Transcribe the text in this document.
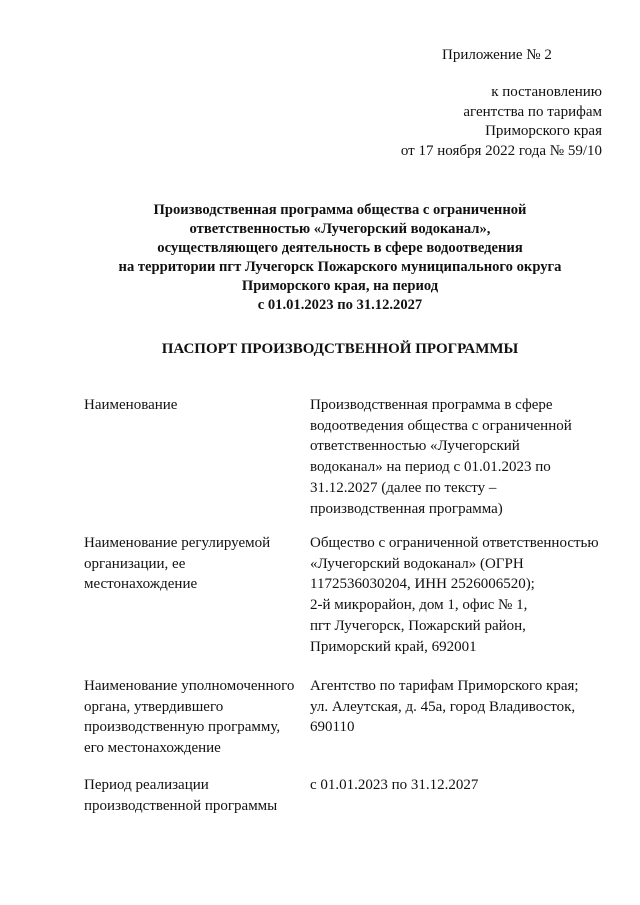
Приложение № 2
к постановлению
агентства по тарифам
Приморского края
от 17 ноября 2022 года № 59/10
Производственная программа общества с ограниченной
ответственностью «Лучегорский водоканал»,
осуществляющего деятельность в сфере водоотведения
на территории пгт Лучегорск Пожарского муниципального округа
Приморского края, на период
с 01.01.2023 по 31.12.2027
ПАСПОРТ ПРОИЗВОДСТВЕННОЙ ПРОГРАММЫ
Наименование	Производственная программа в сфере
водоотведения общества с ограниченной
ответственностью «Лучегорский
водоканал» на период с 01.01.2023 по
31.12.2027 (далее по тексту –
производственная программа)
Наименование регулируемой
организации, ее
местонахождение
Общество с ограниченной ответственностью
«Лучегорский водоканал» (ОГРН
1172536030204, ИНН 2526006520);
2-й микрорайон, дом 1, офис № 1,
пгт Лучегорск, Пожарский район,
Приморский край, 692001
Наименование уполномоченного
органа, утвердившего
производственную программу,
его местонахождение
Агентство по тарифам Приморского края;
ул. Алеутская, д. 45а, город Владивосток,
690110
Период реализации
производственной программы
с 01.01.2023 по 31.12.2027
